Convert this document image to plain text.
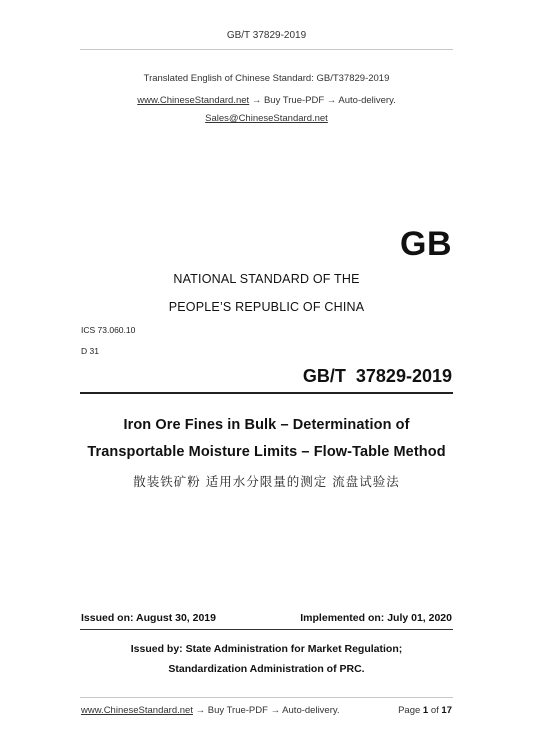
GB/T 37829-2019
Translated English of Chinese Standard: GB/T37829-2019
www.ChineseStandard.net → Buy True-PDF → Auto-delivery.
Sales@ChineseStandard.net
GB
NATIONAL STANDARD OF THE
PEOPLE’S REPUBLIC OF CHINA
ICS 73.060.10
D 31
GB/T  37829-2019
Iron Ore Fines in Bulk – Determination of
Transportable Moisture Limits – Flow-Table Method
散装铁矿粉 适用水分限量的测定 流盘试验法
Issued on: August 30, 2019	Implemented on: July 01, 2020
Issued by: State Administration for Market Regulation;
Standardization Administration of PRC.
www.ChineseStandard.net → Buy True-PDF → Auto-delivery.	Page 1 of 17
